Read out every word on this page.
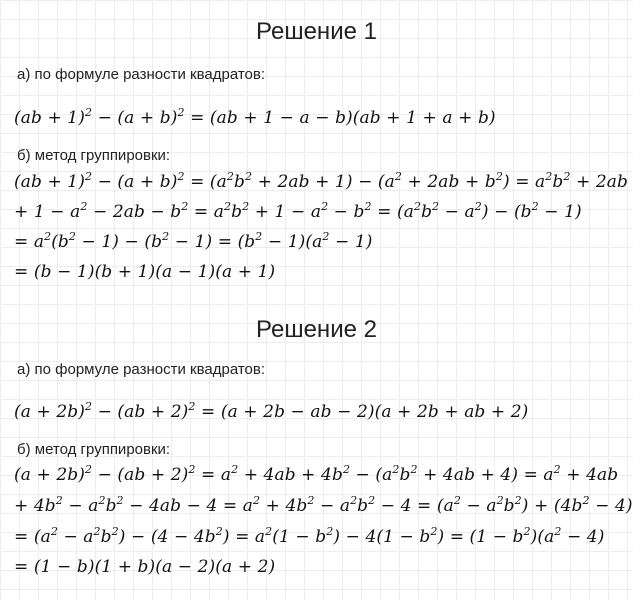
Решение 1
а) по формуле разности квадратов:
$(ab + 1)^2 - (a + b)^2 = (ab + 1 - a - b)(ab + 1 + a + b)$
б) метод группировки:
$(ab + 1)^2 - (a + b)^2 = (a^2b^2 + 2ab + 1) - (a^2 + 2ab + b^2) = a^2b^2 + 2ab$
+ $1 - a^2 - 2ab - b^2 = a^2b^2 + 1 - a^2 - b^2 = (a^2b^2 - a^2) - (b^2 - 1)$
= $a^2(b^2 - 1) - (b^2 - 1) = (b^2 - 1)(a^2 - 1)$
= (b − 1)(b + 1)(a − 1)(a + 1)
Решение 2
а) по формуле разности квадратов:
$(a + 2b)^2 - (ab + 2)^2 = (a + 2b$ − ab − 2)(a + 2b + ab + 2)
б) метод группировки:
$(a + 2b)^2 - (ab + 2)^2 = a^2 + 4ab + 4b^2 - (a^2b^2 + 4ab + 4) = a^2 + 4ab$
+ $4b^2 - a^2b^2 - 4ab - 4 = a^2 + 4b^2 - a^2b^2 - 4 = (a^2 - a^2b^2) + (4b^2 - 4)$
= $(a^2 - a^2b^2) - (4 - 4b^2) = a^2(1 - b^2) - 4(1 - b^2) = (1 - b^2)(a^2 - 4)$
= (1 − b)(1 + b)(a − 2)(a + 2)
